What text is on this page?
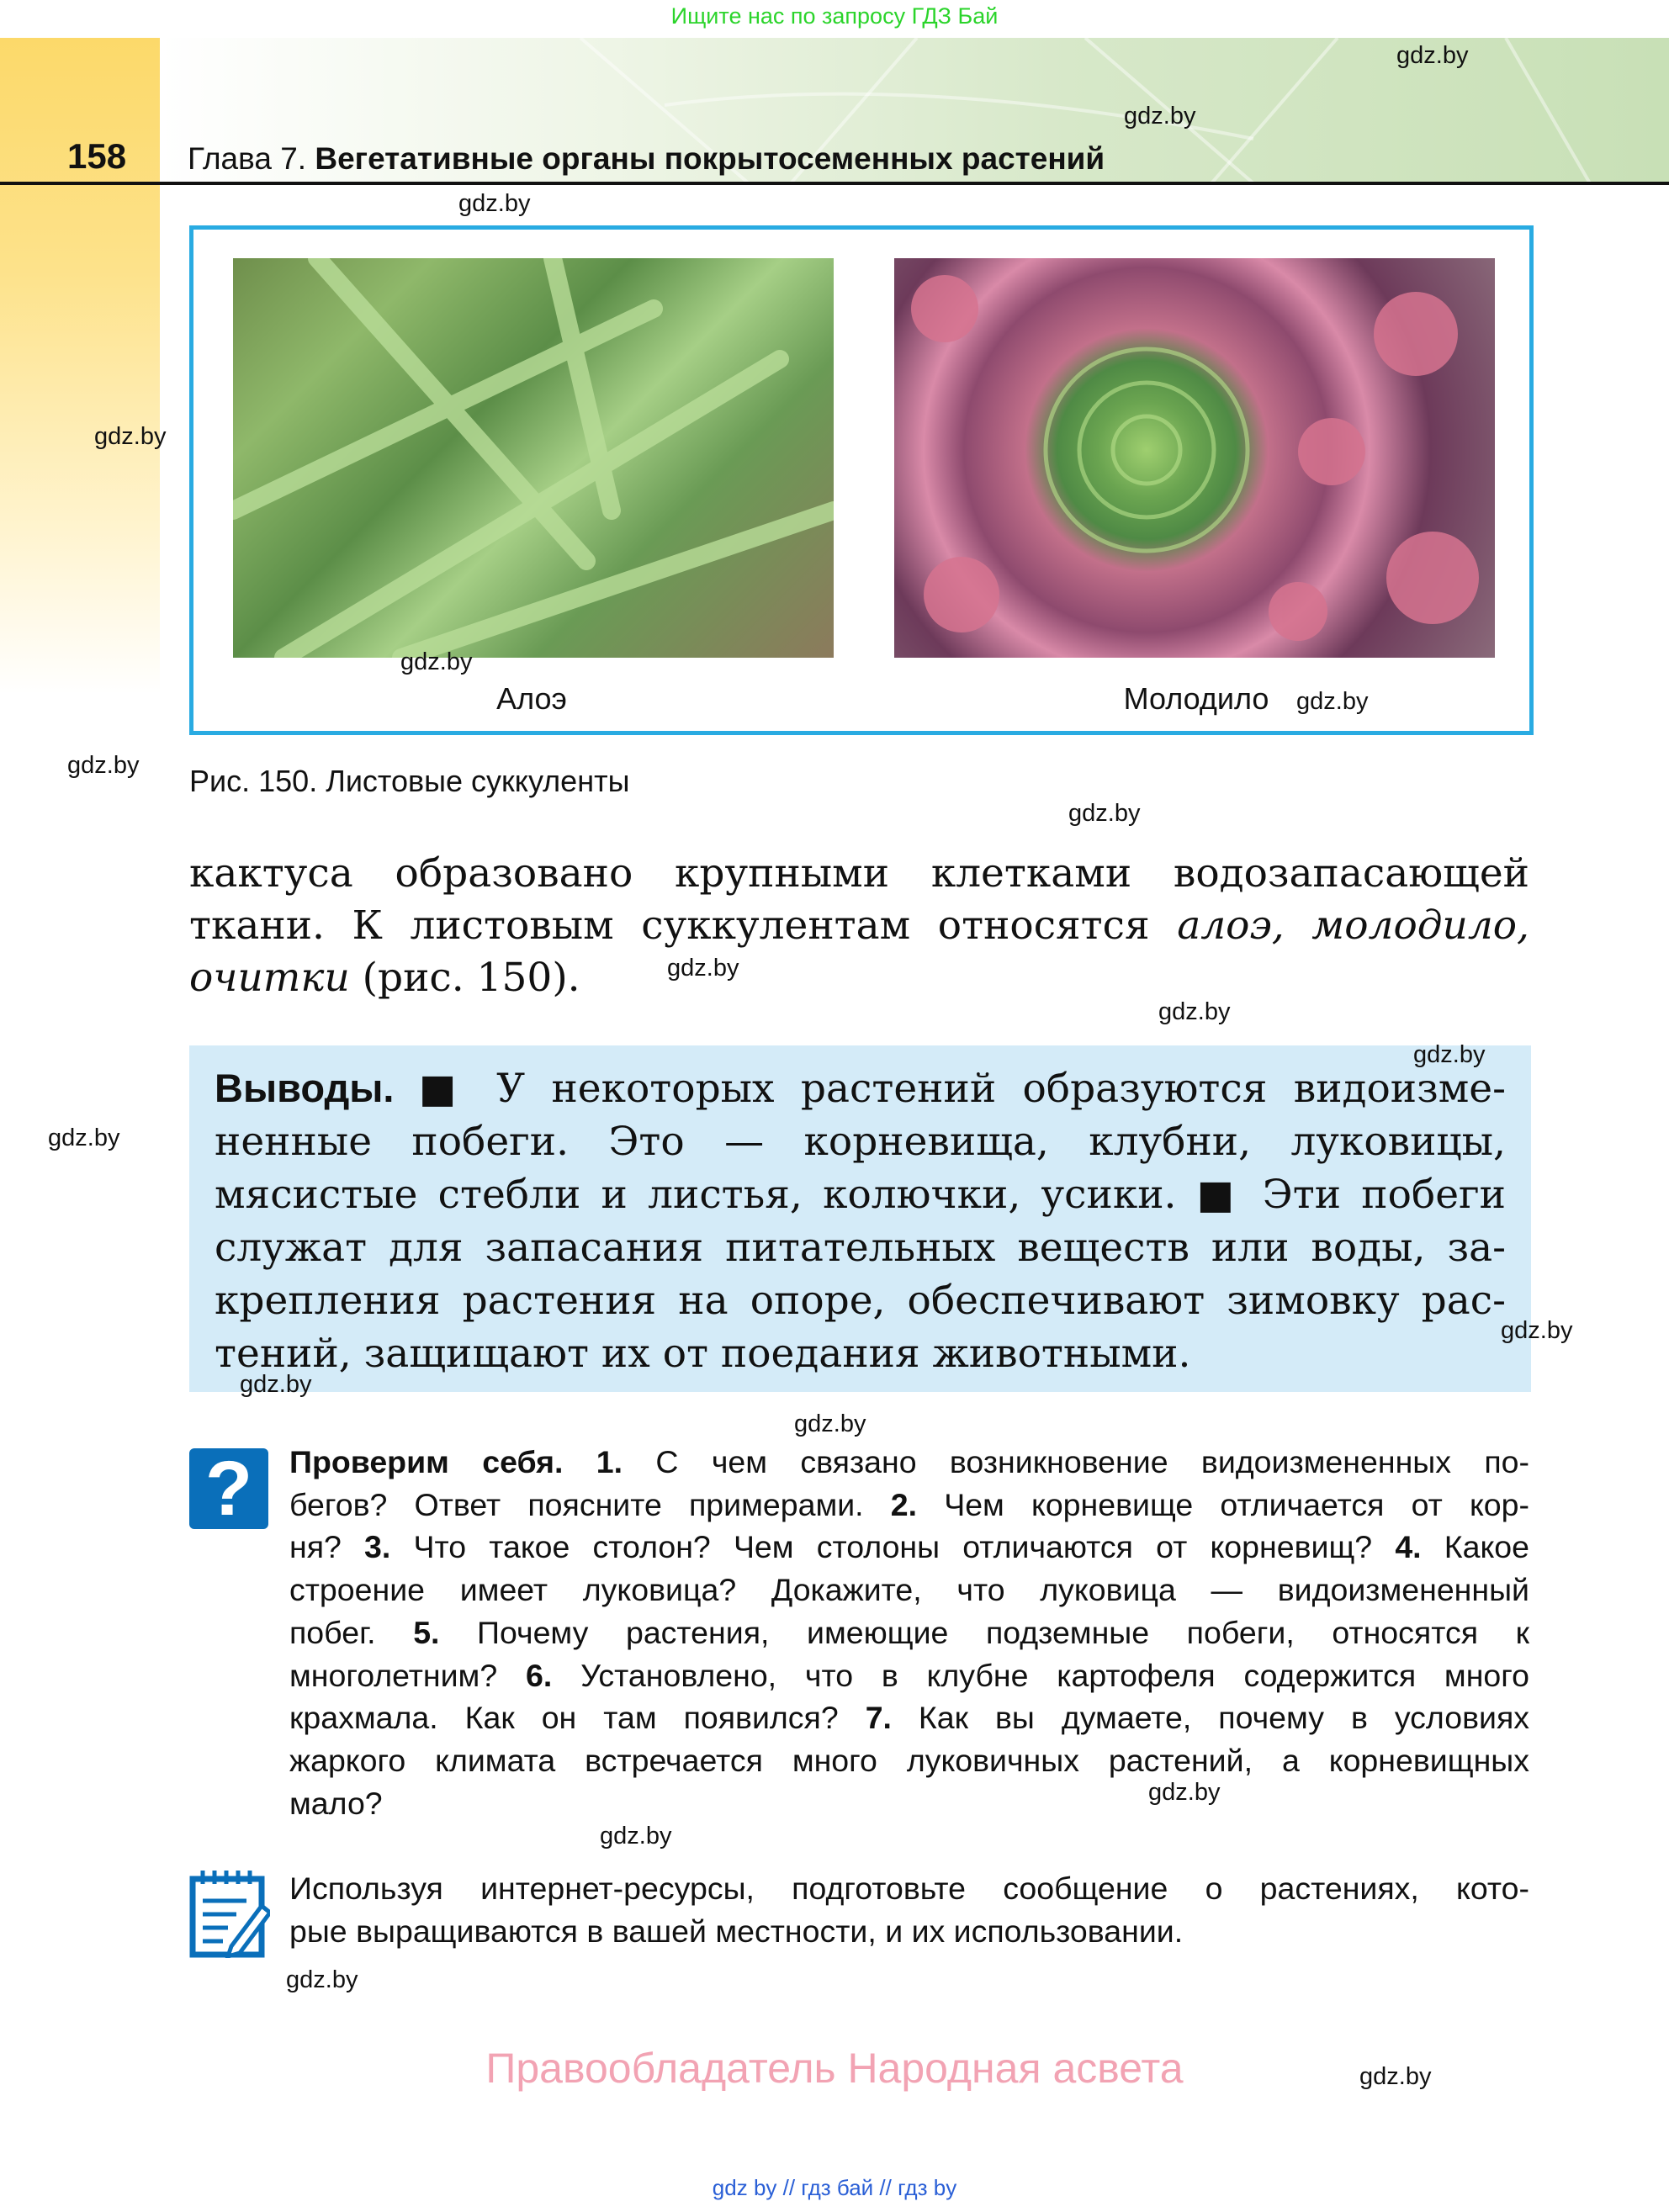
Ищите нас по запросу ГДЗ Бай
158 Глава 7. Вегетативные органы покрытосеменных растений
Алоэ	Молодило
Рис. 150. Листовые суккуленты
кактуса образовано крупными клетками водозапасающей
ткани. К листовым суккулентам относятся алоэ, молодило,
очитки (рис. 150).
Выводы. ■ У некоторых растений образуются видоизме-
ненные побеги. Это — корневища, клубни, луковицы,
мясистые стебли и листья, колючки, усики. ■ Эти побеги
служат для запасания питательных веществ или воды, за-
крепления растения на опоре, обеспечивают зимовку рас-
тений, защищают их от поедания животными.
?	Проверим себя. 1. С чем связано возникновение видоизмененных по-
бегов? Ответ поясните примерами. 2. Чем корневище отличается от кор-
ня? 3. Что такое столон? Чем столоны отличаются от корневищ? 4. Какое
строение имеет луковица? Докажите, что луковица — видоизмененный
побег. 5. Почему растения, имеющие подземные побеги, относятся к
многолетним? 6. Установлено, что в клубне картофеля содержится много
крахмала. Как он там появился? 7. Как вы думаете, почему в условиях
жаркого климата встречается много луковичных растений, а корневищных
мало?
Используя интернет-ресурсы, подготовьте сообщение о растениях, кото-
рые выращиваются в вашей местности, и их использовании.
Правообладатель Народная асвета
gdz by // гдз бай // гдз by
gdz.by
gdz.by
gdz.by
gdz.by
gdz.by
gdz.by
gdz.by
gdz.by
gdz.by
gdz.by
gdz.by
gdz.by
gdz.by
gdz.by
gdz.by
gdz.by
gdz.by
gdz.by
gdz.by
